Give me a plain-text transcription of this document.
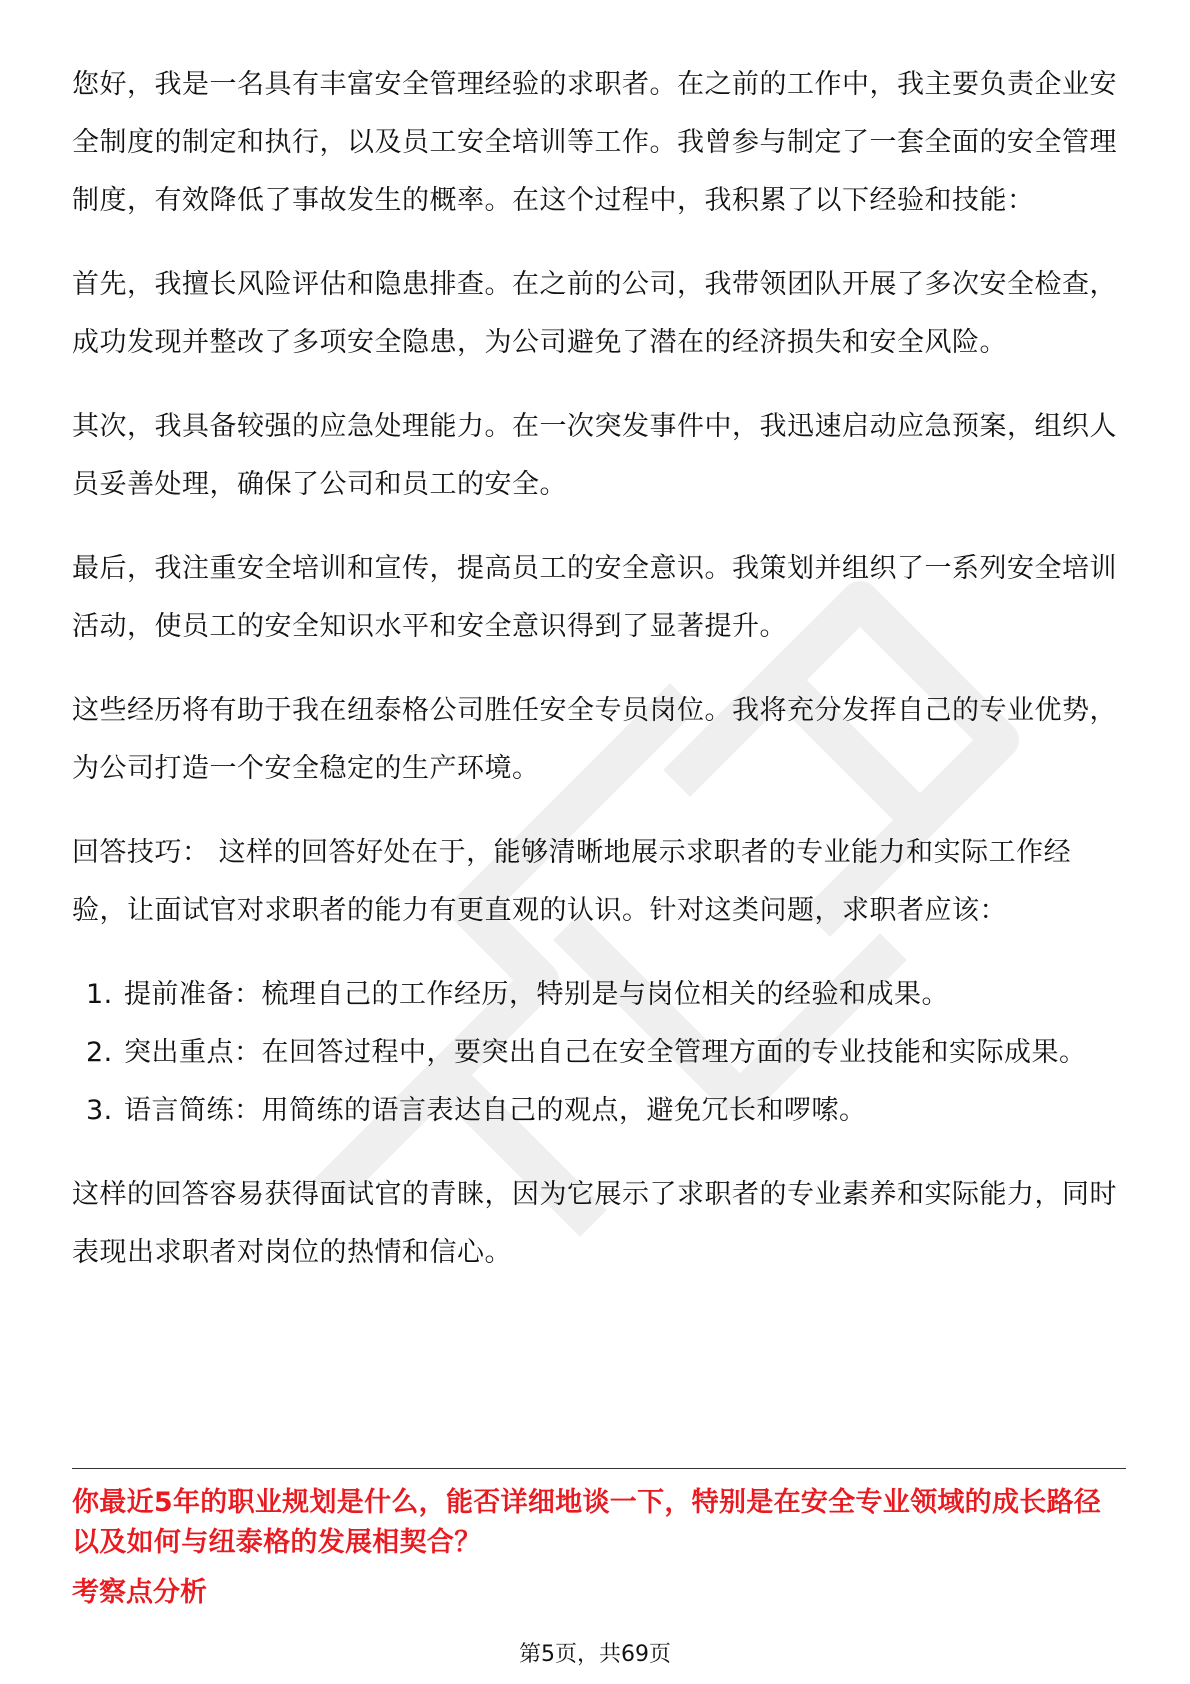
您好，我是一名具有丰富安全管理经验的求职者。在之前的工作中，我主要负责企业安全制度的制定和执行，以及员工安全培训等工作。我曾参与制定了一套全面的安全管理制度，有效降低了事故发生的概率。在这个过程中，我积累了以下经验和技能：

首先，我擅长风险评估和隐患排查。在之前的公司，我带领团队开展了多次安全检查，成功发现并整改了多项安全隐患，为公司避免了潜在的经济损失和安全风险。

其次，我具备较强的应急处理能力。在一次突发事件中，我迅速启动应急预案，组织人员妥善处理，确保了公司和员工的安全。

最后，我注重安全培训和宣传，提高员工的安全意识。我策划并组织了一系列安全培训活动，使员工的安全知识水平和安全意识得到了显著提升。

这些经历将有助于我在纽泰格公司胜任安全专员岗位。我将充分发挥自己的专业优势，为公司打造一个安全稳定的生产环境。

回答技巧： 这样的回答好处在于，能够清晰地展示求职者的专业能力和实际工作经验，让面试官对求职者的能力有更直观的认识。针对这类问题，求职者应该：

1. 提前准备：梳理自己的工作经历，特别是与岗位相关的经验和成果。
2. 突出重点：在回答过程中，要突出自己在安全管理方面的专业技能和实际成果。
3. 语言简练：用简练的语言表达自己的观点，避免冗长和啰嗦。

这样的回答容易获得面试官的青睐，因为它展示了求职者的专业素养和实际能力，同时表现出求职者对岗位的热情和信心。

你最近5年的职业规划是什么，能否详细地谈一下，特别是在安全专业领域的成长路径以及如何与纽泰格的发展相契合？

考察点分析

第5页，共69页
